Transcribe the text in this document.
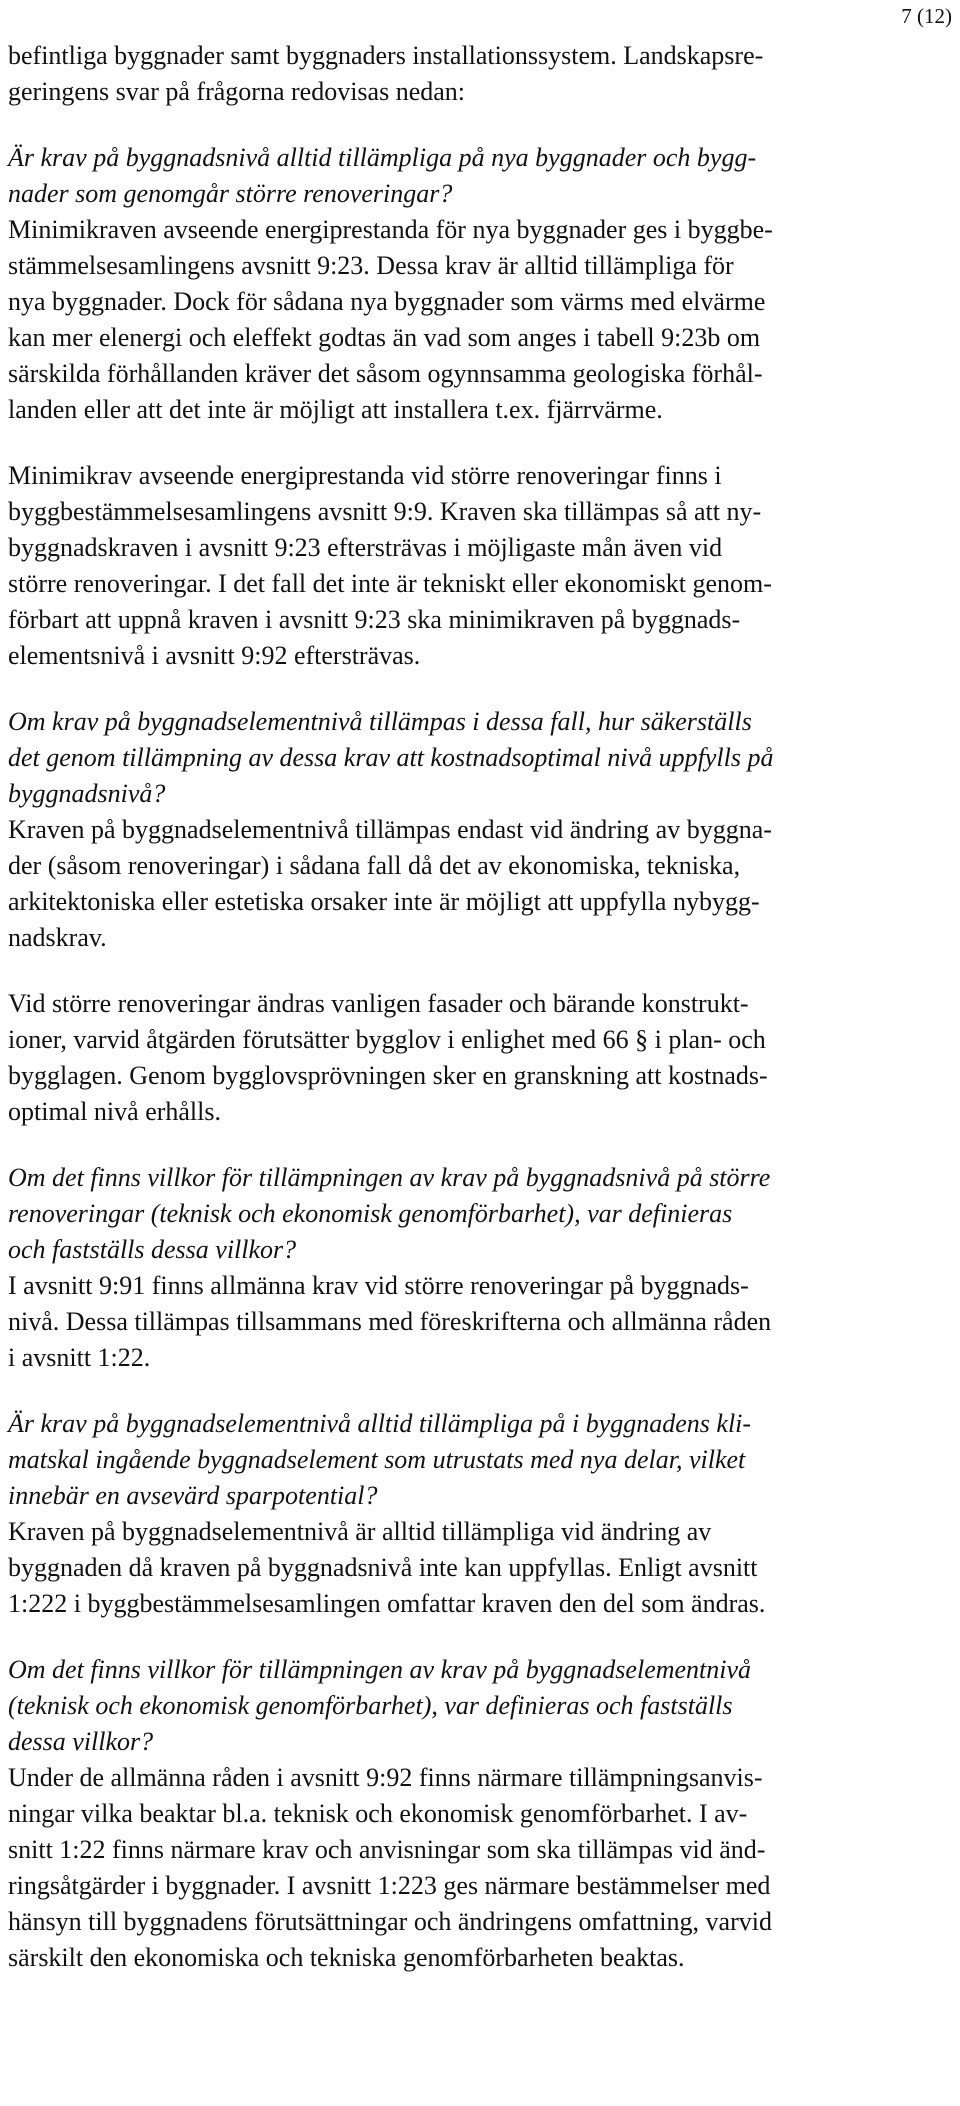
7 (12)

befintliga byggnader samt byggnaders installationssystem. Landskapsre-
geringens svar på frågorna redovisas nedan:

Är krav på byggnadsnivå alltid tillämpliga på nya byggnader och bygg-
nader som genomgår större renoveringar?

Minimikraven avseende energiprestanda för nya byggnader ges i byggbe-
stämmelsesamlingens avsnitt 9:23. Dessa krav är alltid tillämpliga för
nya byggnader. Dock för sådana nya byggnader som värms med elvärme
kan mer elenergi och eleffekt godtas än vad som anges i tabell 9:23b om
särskilda förhållanden kräver det såsom ogynnsamma geologiska förhål-
landen eller att det inte är möjligt att installera t.ex. fjärrvärme.

Minimikrav avseende energiprestanda vid större renoveringar finns i
byggbestämmelsesamlingens avsnitt 9:9. Kraven ska tillämpas så att ny-
byggnadskraven i avsnitt 9:23 eftersträvas i möjligaste mån även vid
större renoveringar. I det fall det inte är tekniskt eller ekonomiskt genom-
förbart att uppnå kraven i avsnitt 9:23 ska minimikraven på byggnads-
elementsnivå i avsnitt 9:92 eftersträvas.

Om krav på byggnadselementnivå tillämpas i dessa fall, hur säkerställs
det genom tillämpning av dessa krav att kostnadsoptimal nivå uppfylls på
byggnadsnivå?

Kraven på byggnadselementnivå tillämpas endast vid ändring av byggna-
der (såsom renoveringar) i sådana fall då det av ekonomiska, tekniska,
arkitektoniska eller estetiska orsaker inte är möjligt att uppfylla nybygg-
nadskrav.

Vid större renoveringar ändras vanligen fasader och bärande konstrukt-
ioner, varvid åtgärden förutsätter bygglov i enlighet med 66 § i plan- och
bygglagen. Genom bygglovsprövningen sker en granskning att kostnads-
optimal nivå erhålls.

Om det finns villkor för tillämpningen av krav på byggnadsnivå på större
renoveringar (teknisk och ekonomisk genomförbarhet), var definieras
och fastställs dessa villkor?

I avsnitt 9:91 finns allmänna krav vid större renoveringar på byggnads-
nivå. Dessa tillämpas tillsammans med föreskrifterna och allmänna råden
i avsnitt 1:22.

Är krav på byggnadselementnivå alltid tillämpliga på i byggnadens kli-
matskal ingående byggnadselement som utrustats med nya delar, vilket
innebär en avsevärd sparpotential?

Kraven på byggnadselementnivå är alltid tillämpliga vid ändring av
byggnaden då kraven på byggnadsnivå inte kan uppfyllas. Enligt avsnitt
1:222 i byggbestämmelsesamlingen omfattar kraven den del som ändras.

Om det finns villkor för tillämpningen av krav på byggnadselementnivå
(teknisk och ekonomisk genomförbarhet), var definieras och fastställs
dessa villkor?

Under de allmänna råden i avsnitt 9:92 finns närmare tillämpningsanvis-
ningar vilka beaktar bl.a. teknisk och ekonomisk genomförbarhet. I av-
snitt 1:22 finns närmare krav och anvisningar som ska tillämpas vid änd-
ringsåtgärder i byggnader. I avsnitt 1:223 ges närmare bestämmelser med
hänsyn till byggnadens förutsättningar och ändringens omfattning, varvid
särskilt den ekonomiska och tekniska genomförbarheten beaktas.
